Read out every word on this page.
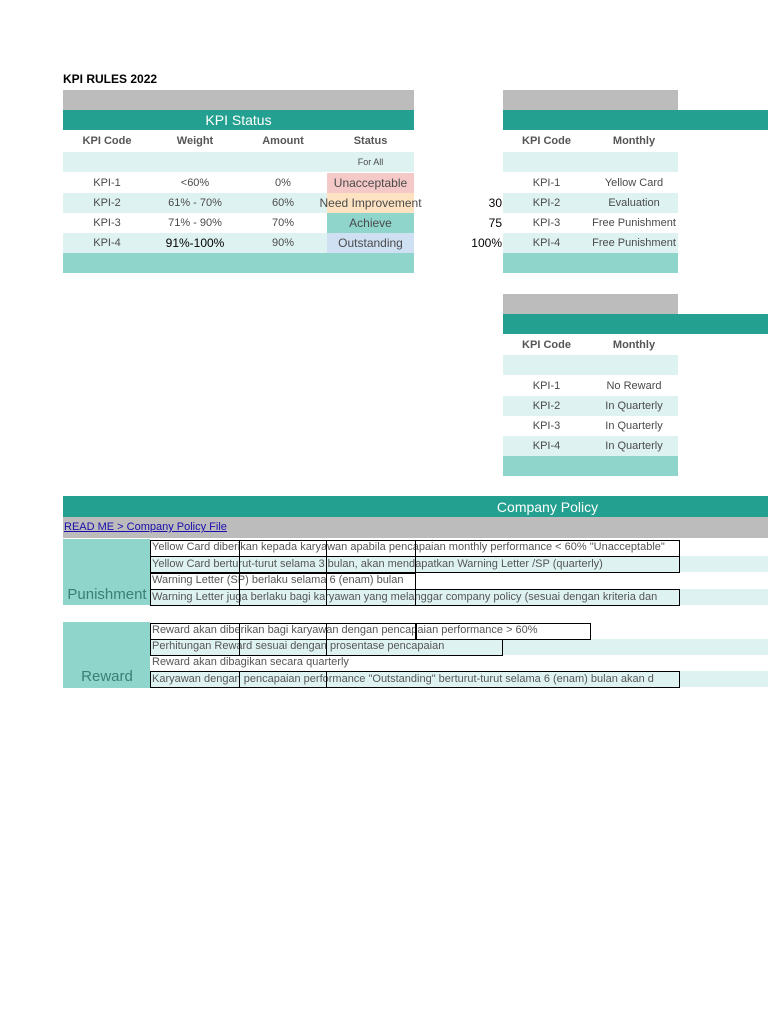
KPI RULES 2022
KPI Status
KPI Code	Weight	Amount	Status
For All
KPI-1	<60%	0%	Unacceptable
KPI-2	61% - 70%	60%	Need Improvement	30
KPI-3	71% - 90%	70%	Achieve	75
KPI-4	91%-100%	90%	Outstanding	100%
KPI Code	Monthly
KPI-1	Yellow Card
KPI-2	Evaluation
KPI-3	Free Punishment
KPI-4	Free Punishment
KPI Code	Monthly
KPI-1	No Reward
KPI-2	In Quarterly
KPI-3	In Quarterly
KPI-4	In Quarterly
Company Policy
READ ME > Company Policy File
Punishment
Yellow Card diberikan kepada karyawan apabila pencapaian monthly performance < 60% "Unacceptable"
Yellow Card berturut-turut selama 3 bulan, akan mendapatkan Warning Letter /SP (quarterly)
Warning Letter (SP) berlaku selama 6 (enam) bulan
Warning Letter juga berlaku bagi karyawan yang melanggar company policy (sesuai dengan kriteria dan
Reward
Reward akan diberikan bagi karyawan dengan pencapaian performance > 60%
Perhitungan Reward sesuai dengan prosentase pencapaian
Reward akan dibagikan secara quarterly
Karyawan dengan pencapaian performance "Outstanding" berturut-turut selama 6 (enam) bulan akan d
